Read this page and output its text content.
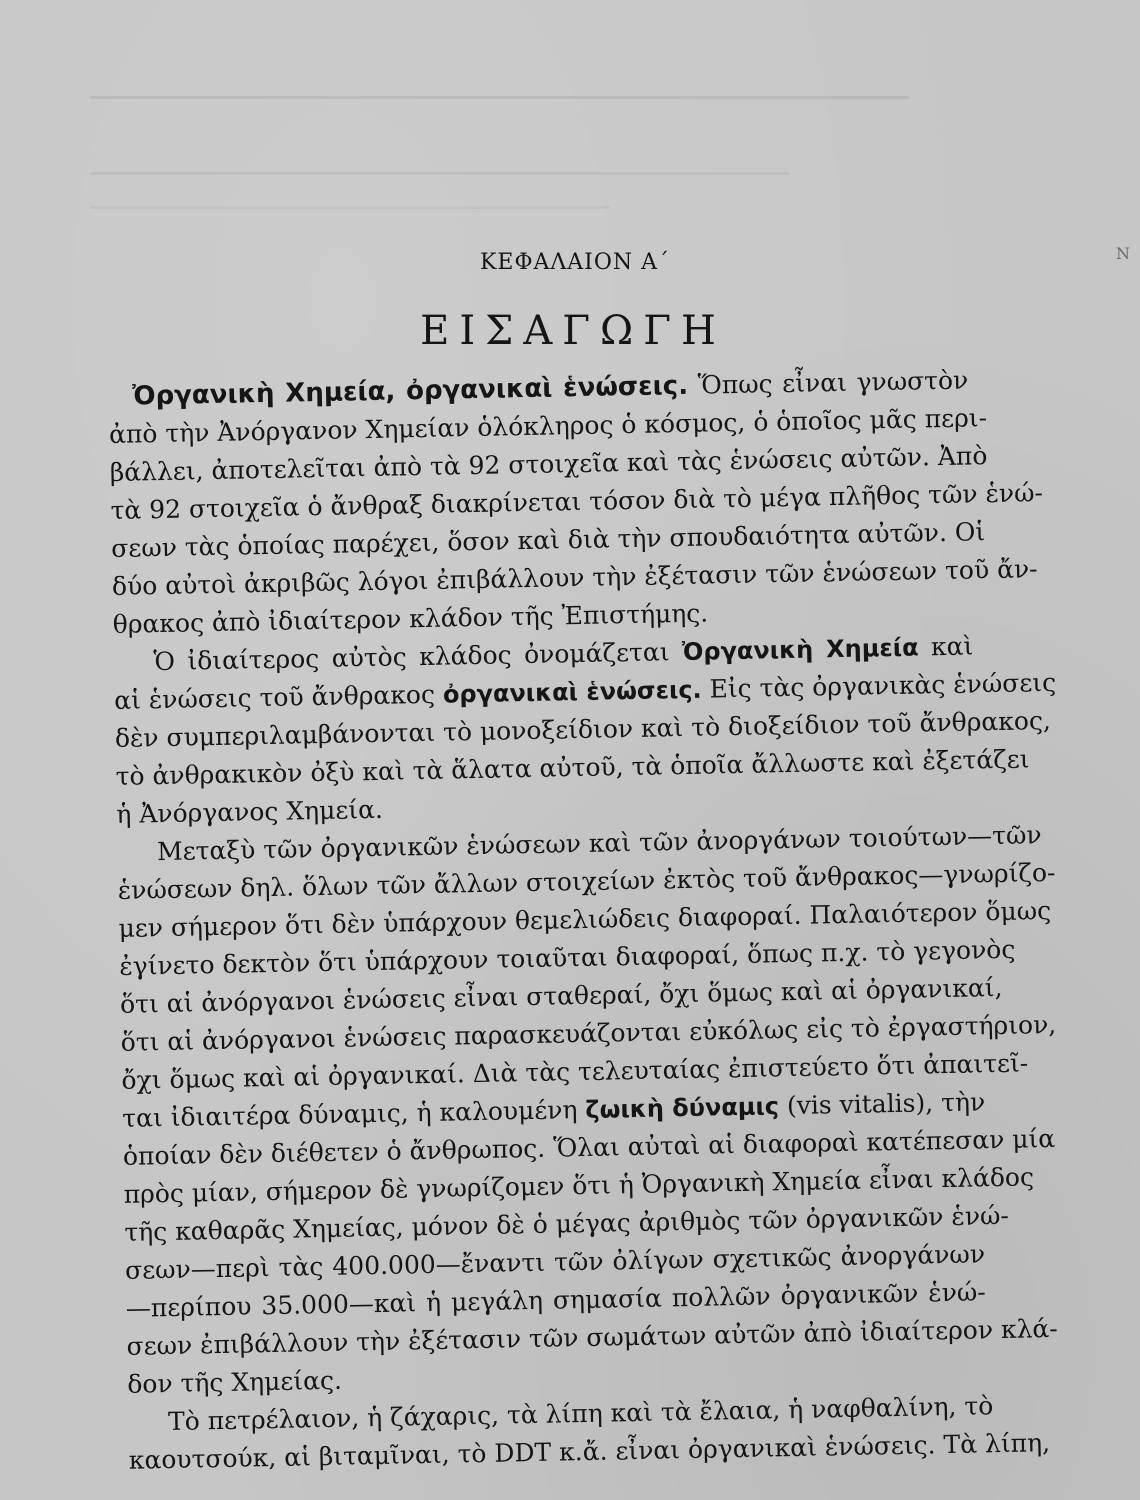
Ν
ΚΕΦΑΛΑΙΟΝ Α΄
ΕΙΣΑΓΩΓΗ
Ὀργανικὴ Χημεία, ὀργανικαὶ ἑνώσεις. Ὅπως εἶναι γνωστὸν
ἀπὸ τὴν Ἀνόργανον Χημείαν ὁλόκληρος ὁ κόσμος, ὁ ὁποῖος μᾶς περι-
βάλλει, ἀποτελεῖται ἀπὸ τὰ 92 στοιχεῖα καὶ τὰς ἑνώσεις αὐτῶν. Ἀπὸ
τὰ 92 στοιχεῖα ὁ ἄνθραξ διακρίνεται τόσον διὰ τὸ μέγα πλῆθος τῶν ἑνώ-
σεων τὰς ὁποίας παρέχει, ὅσον καὶ διὰ τὴν σπουδαιότητα αὐτῶν. Οἱ
δύο αὐτοὶ ἀκριβῶς λόγοι ἐπιβάλλουν τὴν ἐξέτασιν τῶν ἑνώσεων τοῦ ἄν-
θρακος ἀπὸ ἰδιαίτερον κλάδον τῆς Ἐπιστήμης.
Ὁ ἰδιαίτερος αὐτὸς κλάδος ὀνομάζεται Ὀργανικὴ Χημεία καὶ
αἱ ἑνώσεις τοῦ ἄνθρακος ὀργανικαὶ ἑνώσεις. Εἰς τὰς ὀργανικὰς ἑνώσεις
δὲν συμπεριλαμβάνονται τὸ μονοξείδιον καὶ τὸ διοξείδιον τοῦ ἄνθρακος,
τὸ ἀνθρακικὸν ὀξὺ καὶ τὰ ἅλατα αὐτοῦ, τὰ ὁποῖα ἄλλωστε καὶ ἐξετάζει
ἡ Ἀνόργανος Χημεία.
Μεταξὺ τῶν ὀργανικῶν ἑνώσεων καὶ τῶν ἀνοργάνων τοιούτων—τῶν
ἑνώσεων δηλ. ὅλων τῶν ἄλλων στοιχείων ἐκτὸς τοῦ ἄνθρακος—γνωρίζο-
μεν σήμερον ὅτι δὲν ὑπάρχουν θεμελιώδεις διαφοραί. Παλαιότερον ὅμως
ἐγίνετο δεκτὸν ὅτι ὑπάρχουν τοιαῦται διαφοραί, ὅπως π.χ. τὸ γεγονὸς
ὅτι αἱ ἀνόργανοι ἑνώσεις εἶναι σταθεραί, ὄχι ὅμως καὶ αἱ ὀργανικαί,
ὅτι αἱ ἀνόργανοι ἑνώσεις παρασκευάζονται εὐκόλως εἰς τὸ ἐργαστήριον,
ὄχι ὅμως καὶ αἱ ὀργανικαί. Διὰ τὰς τελευταίας ἐπιστεύετο ὅτι ἀπαιτεῖ-
ται ἰδιαιτέρα δύναμις, ἡ καλουμένη ζωικὴ δύναμις (vis vitalis), τὴν
ὁποίαν δὲν διέθετεν ὁ ἄνθρωπος. Ὅλαι αὐταὶ αἱ διαφοραὶ κατέπεσαν μία
πρὸς μίαν, σήμερον δὲ γνωρίζομεν ὅτι ἡ Ὀργανικὴ Χημεία εἶναι κλάδος
τῆς καθαρᾶς Χημείας, μόνον δὲ ὁ μέγας ἀριθμὸς τῶν ὀργανικῶν ἑνώ-
σεων—περὶ τὰς 400.000—ἔναντι τῶν ὀλίγων σχετικῶς ἀνοργάνων
—περίπου 35.000—καὶ ἡ μεγάλη σημασία πολλῶν ὀργανικῶν ἑνώ-
σεων ἐπιβάλλουν τὴν ἐξέτασιν τῶν σωμάτων αὐτῶν ἀπὸ ἰδιαίτερον κλά-
δον τῆς Χημείας.
Τὸ πετρέλαιον, ἡ ζάχαρις, τὰ λίπη καὶ τὰ ἔλαια, ἡ ναφθαλίνη, τὸ
καουτσούκ, αἱ βιταμῖναι, τὸ DDT κ.ἄ. εἶναι ὀργανικαὶ ἑνώσεις. Τὰ λίπη,
